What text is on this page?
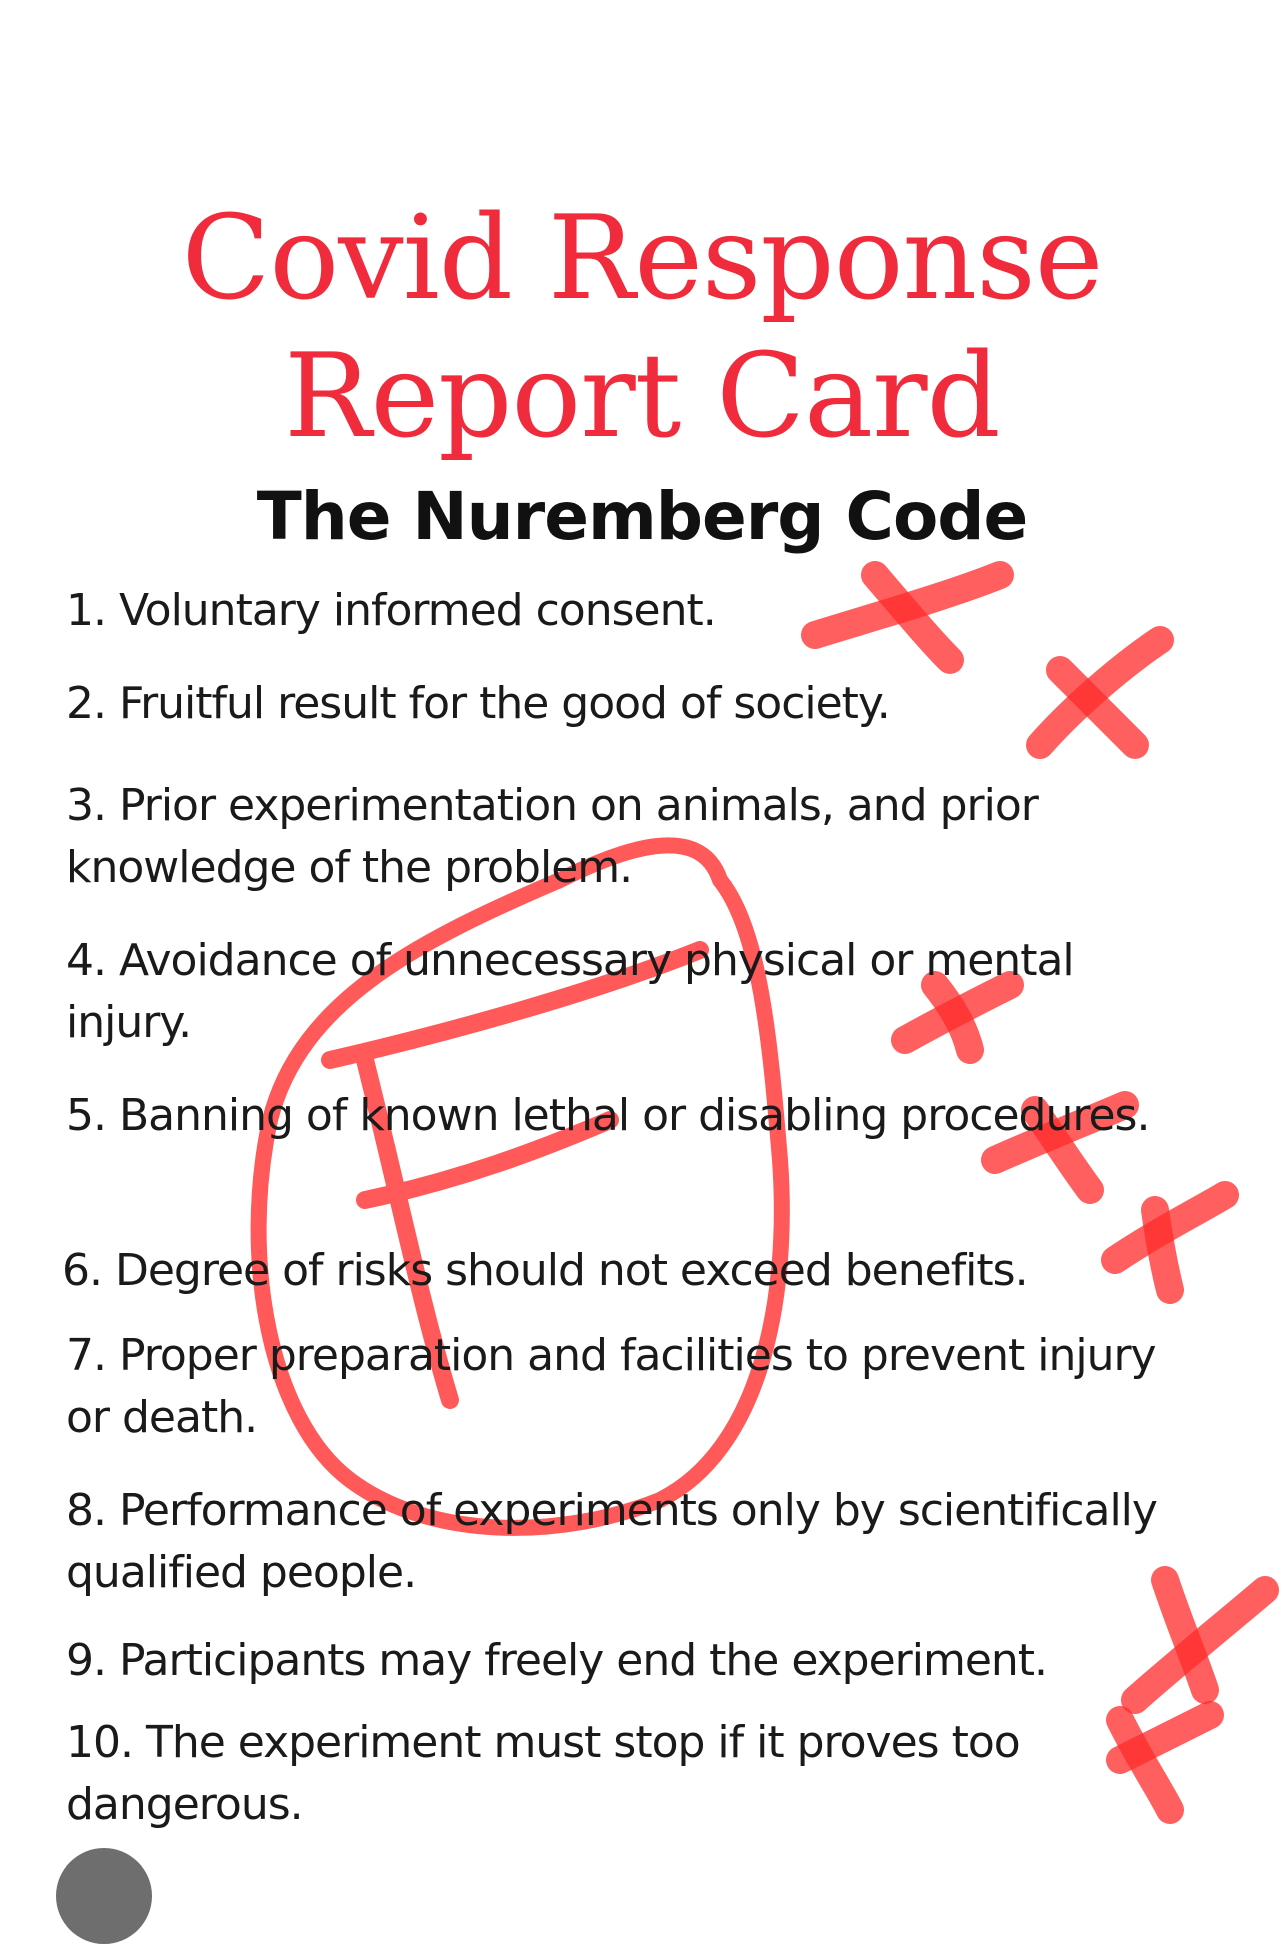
Covid Response
Report Card
The Nuremberg Code
1. Voluntary informed consent.
2. Fruitful result for the good of society.
3. Prior experimentation on animals, and prior knowledge of the problem.
4. Avoidance of unnecessary physical or mental injury.
5. Banning of known lethal or disabling procedures.
6. Degree of risks should not exceed benefits.
7. Proper preparation and facilities to prevent injury or death.
8. Performance of experiments only by scientifically qualified people.
9. Participants may freely end the experiment.
10. The experiment must stop if it proves too dangerous.
